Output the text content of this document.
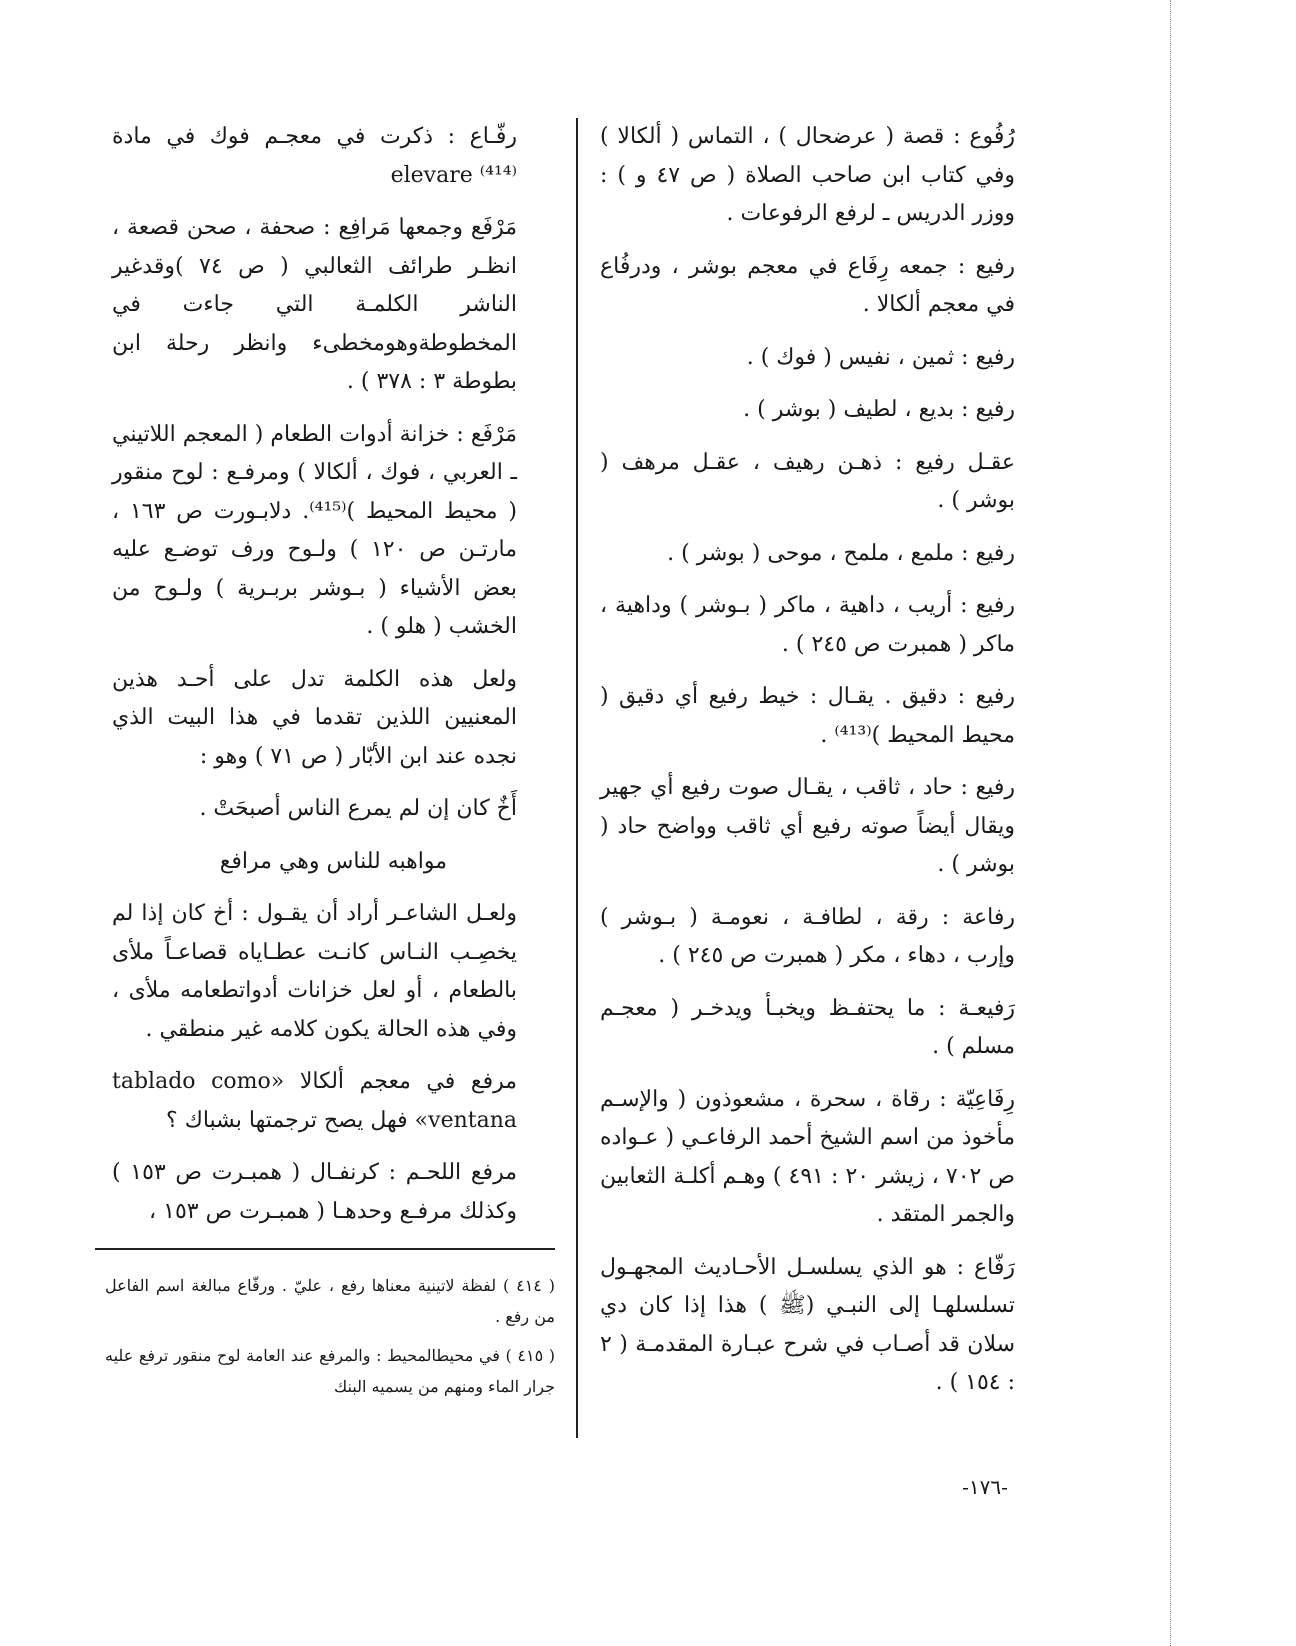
رُفُوع : قصة ( عرضحال ) ، التماس ( ألكالا ) وفي كتاب ابن صاحب الصلاة ( ص ٤٧ و ) : ووزر الدريس ـ لرفع الرفوعات .

رفيع : جمعه رِفَاع في معجم بوشر ، ودرفُاع في معجم ألكالا .

رفيع : ثمين ، نفيس ( فوك ) .

رفيع : بديع ، لطيف ( بوشر ) .

عقـل رفيع : ذهـن رهيف ، عقـل مرهف ( بوشر ) .

رفيع : ملمع ، ملمح ، موحى ( بوشر ) .

رفيع : أريب ، داهية ، ماكر ( بـوشر ) وداهية ، ماكر ( همبرت ص ٢٤٥ ) .

رفيع : دقيق . يقـال : خيط رفيع أي دقيق ( محيط المحيط )⁽⁴¹³⁾ .

رفيع : حاد ، ثاقب ، يقـال صوت رفيع أي جهير ويقال أيضاً صوته رفيع أي ثاقب وواضح حاد ( بوشر ) .

رفاعة : رقة ، لطافـة ، نعومـة ( بـوشر ) وإرب ، دهاء ، مكر ( همبرت ص ٢٤٥ ) .

رَفيعـة : ما يحتفـظ ويخبـأ ويدخـر ( معجـم مسلم ) .

رِفَاعِيّة : رقاة ، سحرة ، مشعوذون ( والإسـم مأخوذ من اسم الشيخ أحمد الرفاعـي ( عـواده ص ٧٠٢ ، زيشر ٢٠ : ٤٩١ ) وهـم أكلـة الثعابين والجمر المتقد .

رَفّاع : هو الذي يسلسـل الأحـاديث المجهـول تسلسلهـا إلى النبـي (ﷺ ) هذا إذا كان دي سلان قد أصـاب في شرح عبـارة المقدمـة ( ٢ : ١٥٤ ) .

رفّـاع : ذكرت في معجـم فوك في مادة elevare ⁽⁴¹⁴⁾

مَرْفَع وجمعها مَرافِع : صحفة ، صحن قصعة ، انظـر طرائف الثعالبي ( ص ٧٤ )وقدغير الناشر الكلمـة التي جاءت في المخطوطةوهومخطىء وانظر رحلة ابن بطوطة ٣ : ٣٧٨ ) .

مَرْفَع : خزانة أدوات الطعام ( المعجم اللاتيني ـ العربي ، فوك ، ألكالا ) ومرفـع : لوح منقور ( محيط المحيط )⁽⁴¹⁵⁾. دلابـورت ص ١٦٣ ، مارتـن ص ١٢٠ ) ولـوح ورف توضـع عليه بعض الأشياء ( بـوشر بربـرية ) ولـوح من الخشب ( هلو ) .

ولعل هذه الكلمة تدل على أحـد هذين المعنيين اللذين تقدما في هذا البيت الذي نجده عند ابن الأبّار ( ص ٧١ ) وهو :

أَخٌ كان إن لم يمرع الناس أصبحَتْ .

مواهبه للناس وهي مرافع

ولعـل الشاعـر أراد أن يقـول : أخ كان إذا لم يخصِـب النـاس كانـت عطـاياه قصاعـاً ملأى بالطعام ، أو لعل خزانات أدواتطعامه ملأى ، وفي هذه الحالة يكون كلامه غير منطقي .

مرفع في معجم ألكالا «tablado como ventana» فهل يصح ترجمتها بشباك ؟

مرفع اللحـم : كرنفـال ( همبـرت ص ١٥٣ ) وكذلك مرفـع وحدهـا ( همبـرت ص ١٥٣ ،

( ٤١٤ ) لفظة لاتينية معناها رفع ، عليّ . ورفّاع مبالغة اسم الفاعل من رفع .

( ٤١٥ ) في محيطالمحيط : والمرفع عند العامة لوح منقور ترفع عليه جرار الماء ومنهم من يسميه البنك

-١٧٦-
